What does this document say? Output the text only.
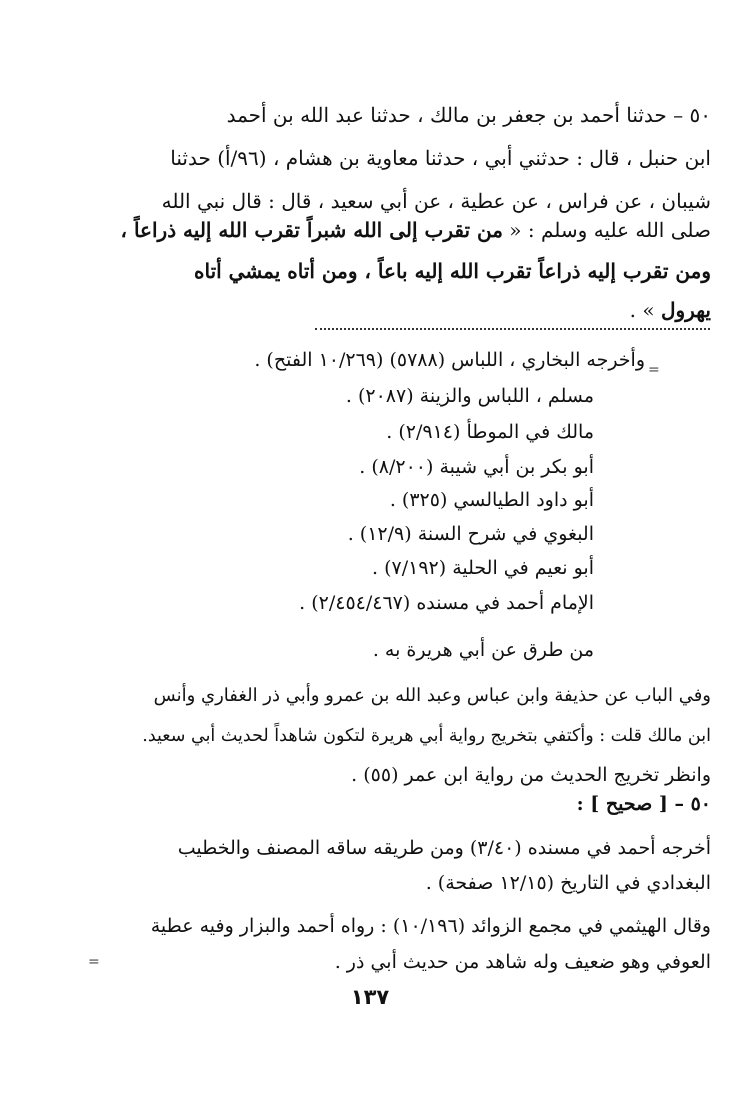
٥٠ – حدثنا أحمد بن جعفر بن مالك ، حدثنا عبد الله بن أحمد
ابن حنبل ، قال : حدثني أبي ، حدثنا معاوية بن هشام ، (٩٦/أ) حدثنا
شيبان ، عن فراس ، عن عطية ، عن أبي سعيد ، قال : قال نبي الله
صلى الله عليه وسلم : « من تقرب إلى الله شبراً تقرب الله إليه ذراعاً ،
ومن تقرب إليه ذراعاً تقرب الله إليه باعاً ، ومن أتاه يمشي أتاه
يهرول » .
وأخرجه البخاري ، اللباس (٥٧٨٨) (١٠/٢٦٩ الفتح) .
مسلم ، اللباس والزينة (٢٠٨٧) .
مالك في الموطأ (٢/٩١٤) .
أبو بكر بن أبي شيبة (٨/٢٠٠) .
أبو داود الطيالسي (٣٢٥) .
البغوي في شرح السنة (١٢/٩) .
أبو نعيم في الحلية (٧/١٩٢) .
الإمام أحمد في مسنده (٢/٤٥٤/٤٦٧) .
من طرق عن أبي هريرة به .
وفي الباب عن حذيفة وابن عباس وعبد الله بن عمرو وأبي ذر الغفاري وأنس
ابن مالك قلت : وأكتفي بتخريج رواية أبي هريرة لتكون شاهداً لحديث أبي سعيد.
وانظر تخريج الحديث من رواية ابن عمر (٥٥) .
٥٠ – [ صحيح ] :
أخرجه أحمد في مسنده (٣/٤٠) ومن طريقه ساقه المصنف والخطيب
البغدادي في التاريخ (١٢/١٥ صفحة) .
وقال الهيثمي في مجمع الزوائد (١٠/١٩٦) : رواه أحمد والبزار وفيه عطية
العوفي وهو ضعيف وله شاهد من حديث أبي ذر .
=
=
١٣٧
